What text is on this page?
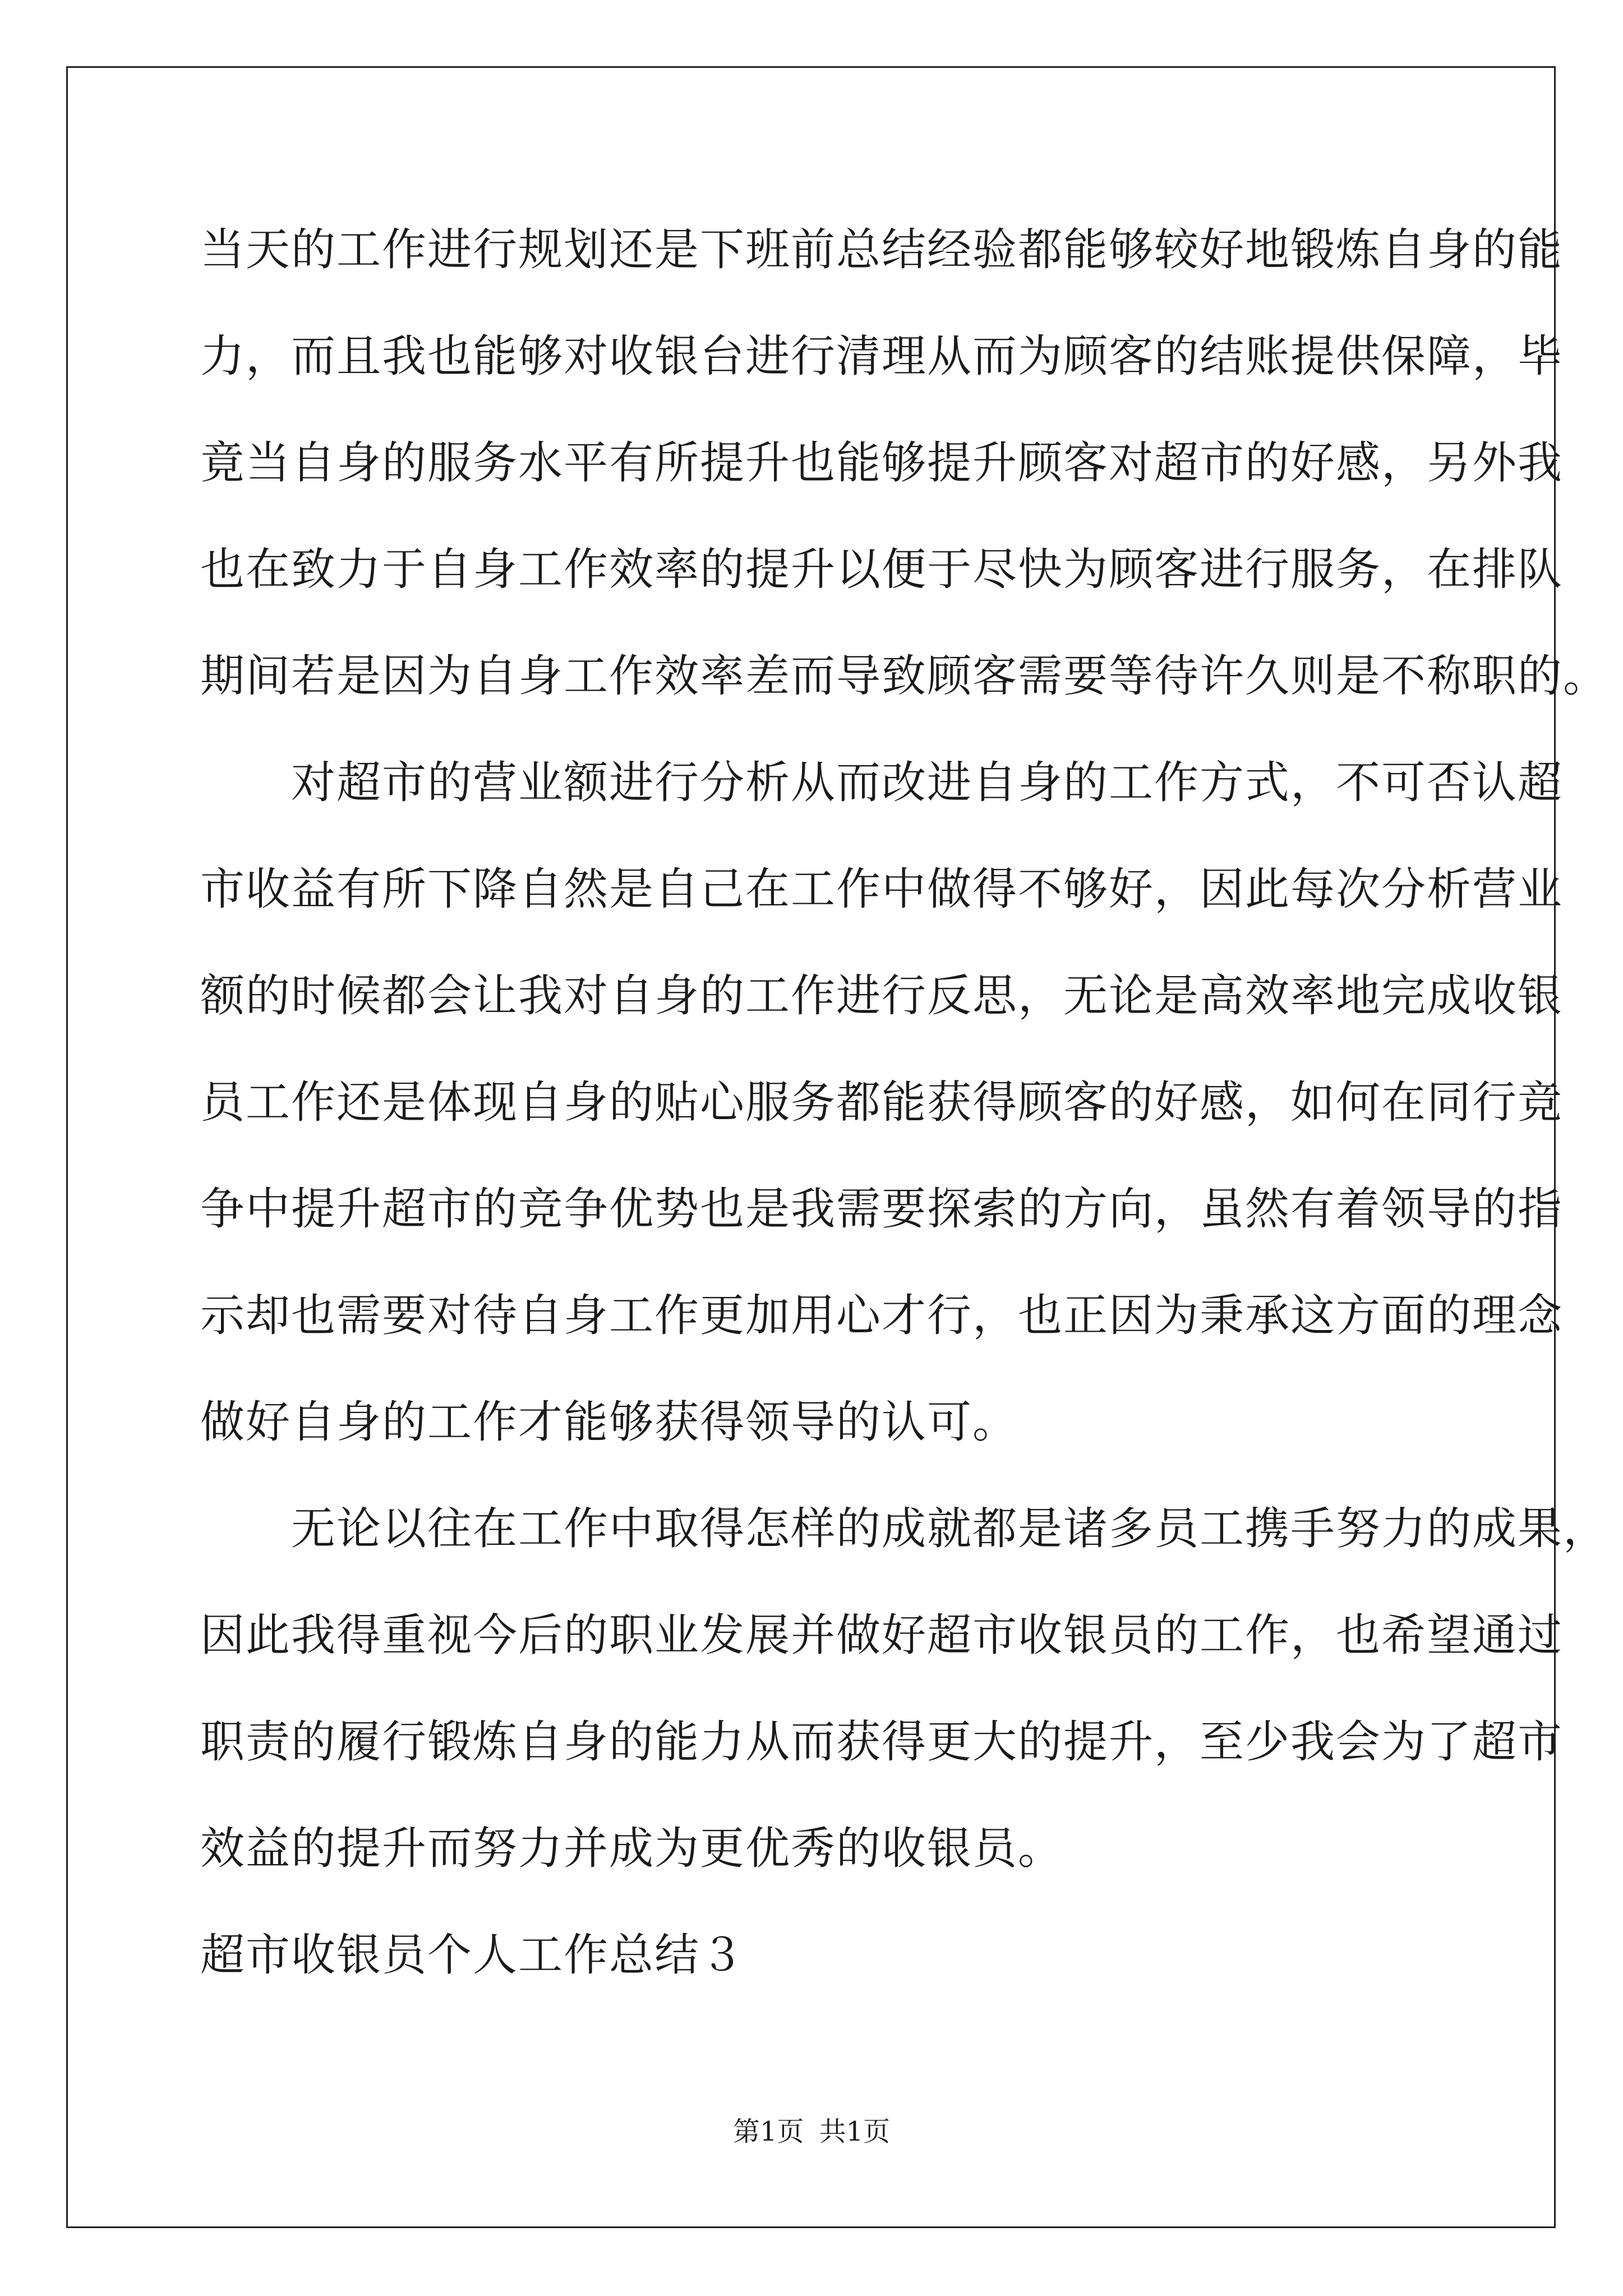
当天的工作进行规划还是下班前总结经验都能够较好地锻炼自身的能
力，而且我也能够对收银台进行清理从而为顾客的结账提供保障，毕
竟当自身的服务水平有所提升也能够提升顾客对超市的好感，另外我
也在致力于自身工作效率的提升以便于尽快为顾客进行服务，在排队
期间若是因为自身工作效率差而导致顾客需要等待许久则是不称职的。
　　对超市的营业额进行分析从而改进自身的工作方式，不可否认超
市收益有所下降自然是自己在工作中做得不够好，因此每次分析营业
额的时候都会让我对自身的工作进行反思，无论是高效率地完成收银
员工作还是体现自身的贴心服务都能获得顾客的好感，如何在同行竞
争中提升超市的竞争优势也是我需要探索的方向，虽然有着领导的指
示却也需要对待自身工作更加用心才行，也正因为秉承这方面的理念
做好自身的工作才能够获得领导的认可。
　　无论以往在工作中取得怎样的成就都是诸多员工携手努力的成果，
因此我得重视今后的职业发展并做好超市收银员的工作，也希望通过
职责的履行锻炼自身的能力从而获得更大的提升，至少我会为了超市
效益的提升而努力并成为更优秀的收银员。
超市收银员个人工作总结３
第1页 共1页
